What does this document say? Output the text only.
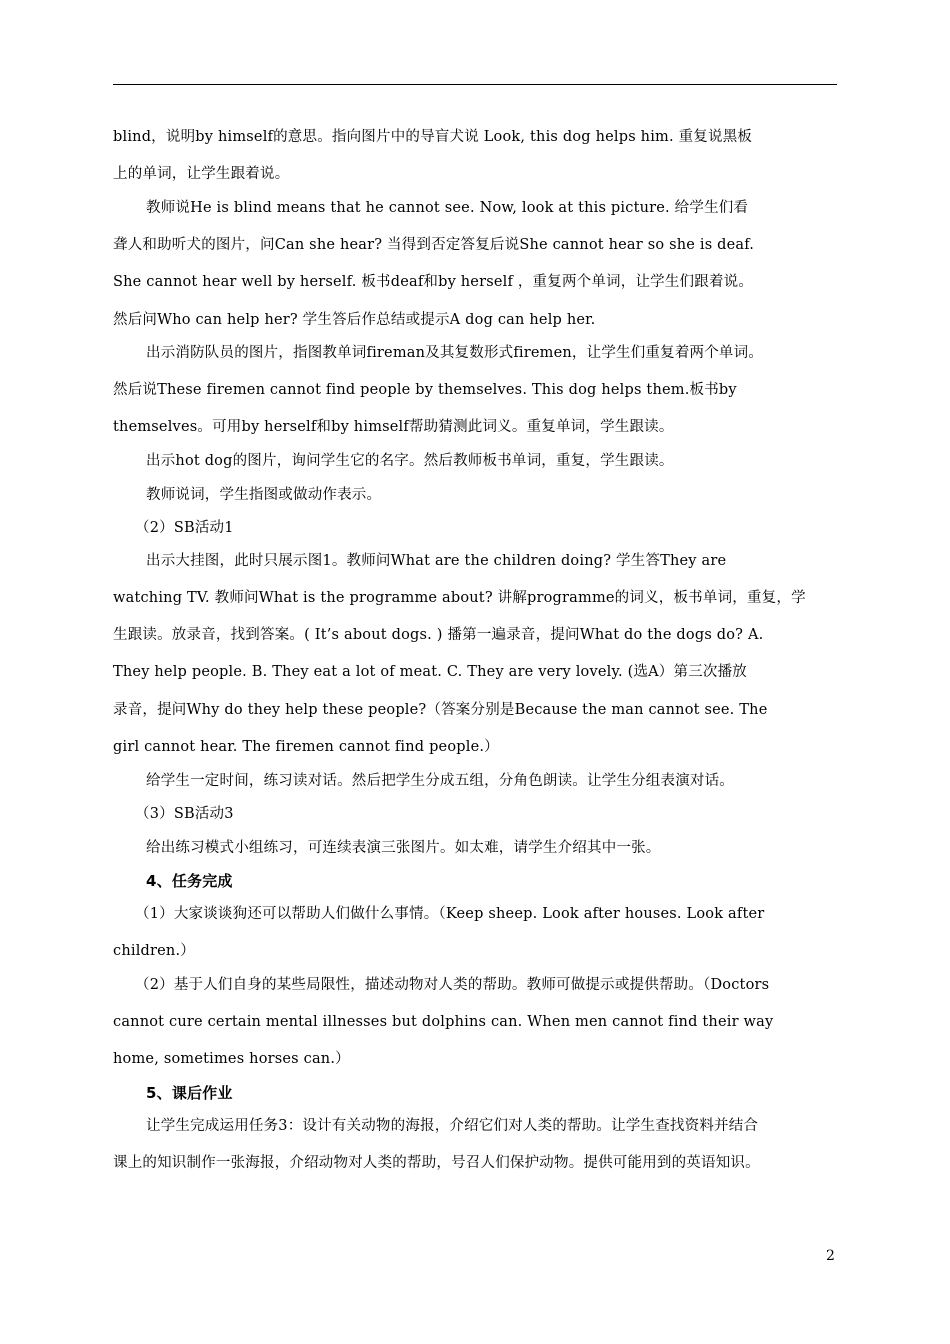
blind，说明by himself的意思。指向图片中的导盲犬说 Look, this dog helps him. 重复说黑板
上的单词，让学生跟着说。
教师说He is blind means that he cannot see. Now, look at this picture. 给学生们看
聋人和助听犬的图片，问Can she hear? 当得到否定答复后说She cannot hear so she is deaf.
She cannot hear well by herself. 板书deaf和by herself ，重复两个单词，让学生们跟着说。
然后问Who can help her? 学生答后作总结或提示A dog can help her.
出示消防队员的图片，指图教单词fireman及其复数形式firemen，让学生们重复着两个单词。
然后说These firemen cannot find people by themselves. This dog helps them.板书by
themselves。可用by herself和by himself帮助猜测此词义。重复单词，学生跟读。
出示hot dog的图片，询问学生它的名字。然后教师板书单词，重复，学生跟读。
教师说词，学生指图或做动作表示。
（2）SB活动1
出示大挂图，此时只展示图1。教师问What are the children doing? 学生答They are
watching TV. 教师问What is the programme about? 讲解programme的词义，板书单词，重复，学
生跟读。放录音，找到答案。( It’s about dogs. ) 播第一遍录音，提问What do the dogs do? A.
They help people. B. They eat a lot of meat. C. They are very lovely. (选A）第三次播放
录音，提问Why do they help these people?（答案分别是Because the man cannot see. The
girl cannot hear. The firemen cannot find people.）
给学生一定时间，练习读对话。然后把学生分成五组，分角色朗读。让学生分组表演对话。
（3）SB活动3
给出练习模式小组练习，可连续表演三张图片。如太难，请学生介绍其中一张。
4、任务完成
（1）大家谈谈狗还可以帮助人们做什么事情。（Keep sheep. Look after houses. Look after
children.）
（2）基于人们自身的某些局限性，描述动物对人类的帮助。教师可做提示或提供帮助。（Doctors
cannot cure certain mental illnesses but dolphins can. When men cannot find their way
home, sometimes horses can.）
5、课后作业
让学生完成运用任务3：设计有关动物的海报，介绍它们对人类的帮助。让学生查找资料并结合
课上的知识制作一张海报，介绍动物对人类的帮助，号召人们保护动物。提供可能用到的英语知识。
2
